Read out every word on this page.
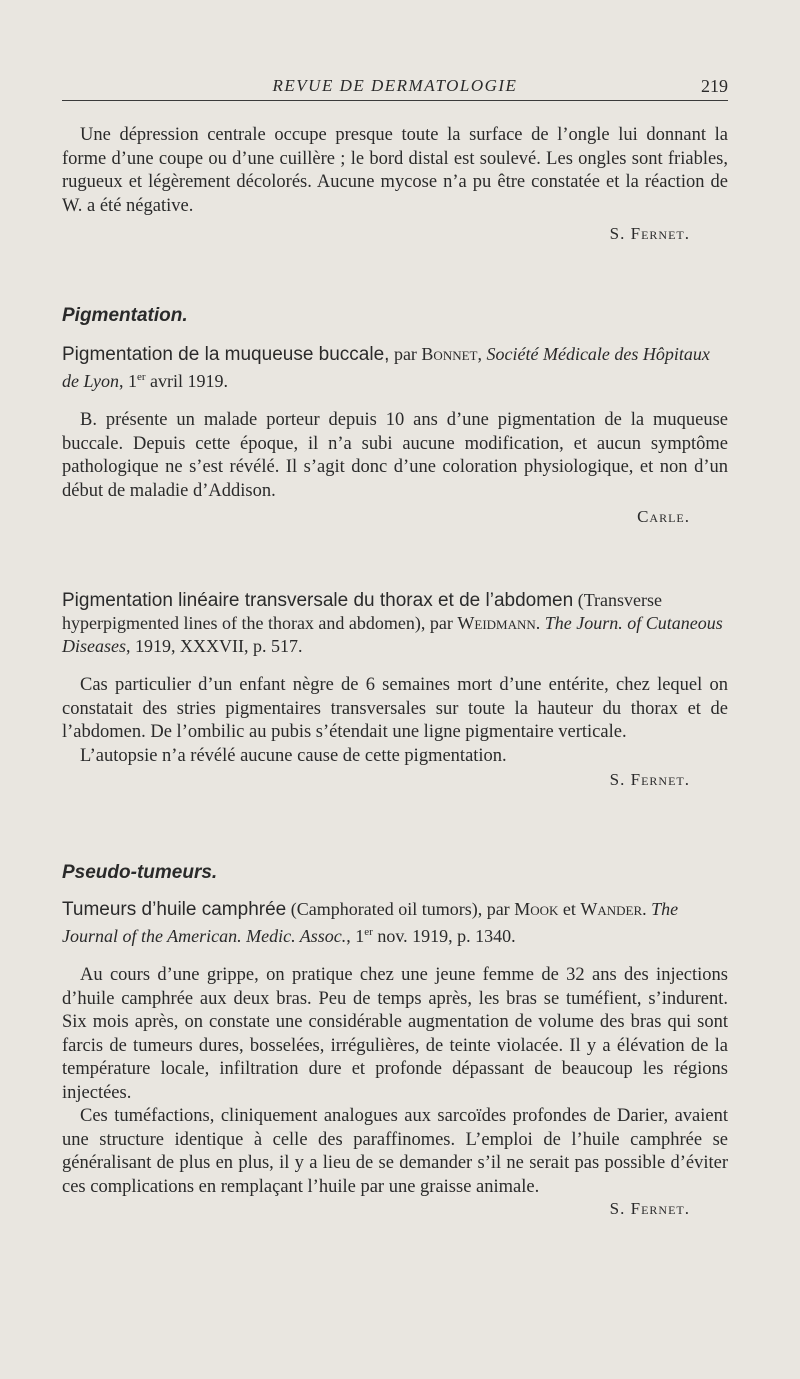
REVUE DE DERMATOLOGIE	219

Une dépression centrale occupe presque toute la surface de l’ongle lui donnant la forme d’une coupe ou d’une cuillère ; le bord distal est soulevé. Les ongles sont friables, rugueux et légèrement décolorés. Aucune mycose n’a pu être constatée et la réaction de W. a été négative.

S. Fernet.

Pigmentation.

Pigmentation de la muqueuse buccale, par Bonnet, Société Médicale des Hôpitaux de Lyon, 1er avril 1919.

B. présente un malade porteur depuis 10 ans d’une pigmentation de la muqueuse buccale. Depuis cette époque, il n’a subi aucune modification, et aucun symptôme pathologique ne s’est révélé. Il s’agit donc d’une coloration physiologique, et non d’un début de maladie d’Addison.

Carle.

Pigmentation linéaire transversale du thorax et de l’abdomen (Transverse hyperpigmented lines of the thorax and abdomen), par Weidmann. The Journ. of Cutaneous Diseases, 1919, XXXVII, p. 517.

Cas particulier d’un enfant nègre de 6 semaines mort d’une entérite, chez lequel on constatait des stries pigmentaires transversales sur toute la hauteur du thorax et de l’abdomen. De l’ombilic au pubis s’étendait une ligne pigmentaire verticale.

L’autopsie n’a révélé aucune cause de cette pigmentation.

S. Fernet.

Pseudo-tumeurs.

Tumeurs d’huile camphrée (Camphorated oil tumors), par Mook et Wander. The Journal of the American. Medic. Assoc., 1er nov. 1919, p. 1340.

Au cours d’une grippe, on pratique chez une jeune femme de 32 ans des injections d’huile camphrée aux deux bras. Peu de temps après, les bras se tuméfient, s’indurent. Six mois après, on constate une considérable augmentation de volume des bras qui sont farcis de tumeurs dures, bosselées, irrégulières, de teinte violacée. Il y a élévation de la température locale, infiltration dure et profonde dépassant de beaucoup les régions injectées.

Ces tuméfactions, cliniquement analogues aux sarcoïdes profondes de Darier, avaient une structure identique à celle des paraffinomes. L’emploi de l’huile camphrée se généralisant de plus en plus, il y a lieu de se demander s’il ne serait pas possible d’éviter ces complications en remplaçant l’huile par une graisse animale.

S. Fernet.
